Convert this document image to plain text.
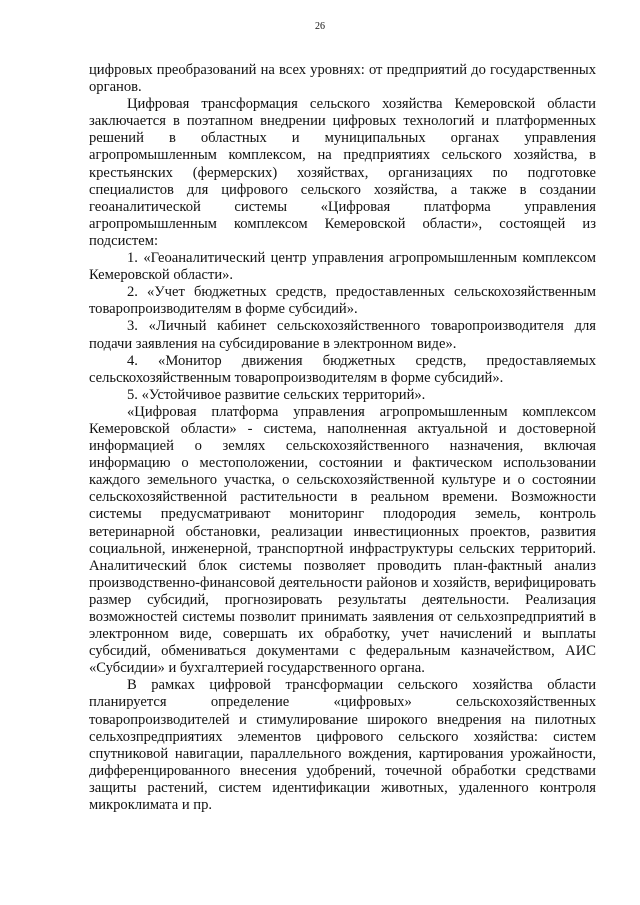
26

цифровых преобразований на всех уровнях: от предприятий до государственных органов.

Цифровая трансформация сельского хозяйства Кемеровской области заключается в поэтапном внедрении цифровых технологий и платформенных решений в областных и муниципальных органах управления агропромышленным комплексом, на предприятиях сельского хозяйства, в крестьянских (фермерских) хозяйствах, организациях по подготовке специалистов для цифрового сельского хозяйства, а также в создании геоаналитической системы «Цифровая платформа управления агропромышленным комплексом Кемеровской области», состоящей из подсистем:

1. «Геоаналитический центр управления агропромышленным комплексом Кемеровской области».

2. «Учет бюджетных средств, предоставленных сельскохозяйственным товаропроизводителям в форме субсидий».

3. «Личный кабинет сельскохозяйственного товаропроизводителя для подачи заявления на субсидирование в электронном виде».

4. «Монитор движения бюджетных средств, предоставляемых сельскохозяйственным товаропроизводителям в форме субсидий».

5. «Устойчивое развитие сельских территорий».

«Цифровая платформа управления агропромышленным комплексом Кемеровской области» - система, наполненная актуальной и достоверной информацией о землях сельскохозяйственного назначения, включая информацию о местоположении, состоянии и фактическом использовании каждого земельного участка, о сельскохозяйственной культуре и о состоянии сельскохозяйственной растительности в реальном времени. Возможности системы предусматривают мониторинг плодородия земель, контроль ветеринарной обстановки, реализации инвестиционных проектов, развития социальной, инженерной, транспортной инфраструктуры сельских территорий. Аналитический блок системы позволяет проводить план-фактный анализ производственно-финансовой деятельности районов и хозяйств, верифицировать размер субсидий, прогнозировать результаты деятельности. Реализация возможностей системы позволит принимать заявления от сельхозпредприятий в электронном виде, совершать их обработку, учет начислений и выплаты субсидий, обмениваться документами с федеральным казначейством, АИС «Субсидии» и бухгалтерией государственного органа.

В рамках цифровой трансформации сельского хозяйства области планируется определение «цифровых» сельскохозяйственных товаропроизводителей и стимулирование широкого внедрения на пилотных сельхозпредприятиях элементов цифрового сельского хозяйства: систем спутниковой навигации, параллельного вождения, картирования урожайности, дифференцированного внесения удобрений, точечной обработки средствами защиты растений, систем идентификации животных, удаленного контроля микроклимата и пр.
